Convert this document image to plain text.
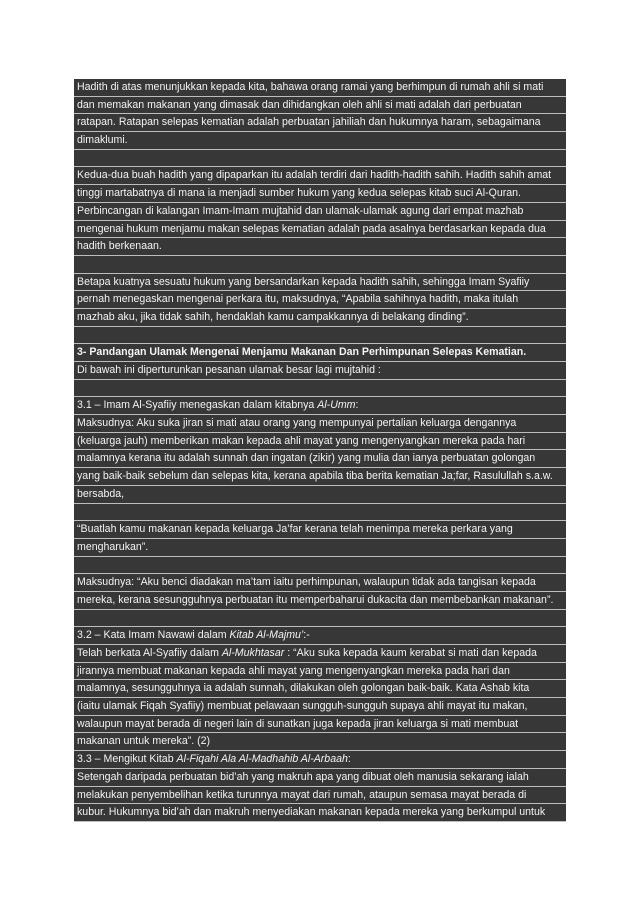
Hadith di atas menunjukkan kepada kita, bahawa orang ramai yang berhimpun di rumah ahli si mati
dan memakan makanan yang dimasak dan dihidangkan oleh ahli si mati adalah dari perbuatan
ratapan. Ratapan selepas kematian adalah perbuatan jahiliah dan hukumnya haram, sebagaimana
dimaklumi.
Kedua-dua buah hadith yang dipaparkan itu adalah terdiri dari hadith-hadith sahih. Hadith sahih amat
tinggi martabatnya di mana ia menjadi sumber hukum yang kedua selepas kitab suci Al-Quran.
Perbincangan di kalangan Imam-Imam mujtahid dan ulamak-ulamak agung dari empat mazhab
mengenai hukum menjamu makan selepas kematian adalah pada asalnya berdasarkan kepada dua
hadith berkenaan.
Betapa kuatnya sesuatu hukum yang bersandarkan kepada hadith sahih, sehingga Imam Syafiiy
pernah menegaskan mengenai perkara itu, maksudnya, “Apabila sahihnya hadith, maka itulah
mazhab aku, jika tidak sahih, hendaklah kamu campakkannya di belakang dinding”.
3- Pandangan Ulamak Mengenai Menjamu Makanan Dan Perhimpunan Selepas Kematian.
Di bawah ini diperturunkan pesanan ulamak besar lagi mujtahid :
3.1 – Imam Al-Syafiiy menegaskan dalam kitabnya Al-Umm:
Maksudnya: Aku suka jiran si mati atau orang yang mempunyai pertalian keluarga dengannya
(keluarga jauh) memberikan makan kepada ahli mayat yang mengenyangkan mereka pada hari
malamnya kerana itu adalah sunnah dan ingatan (zikir) yang mulia dan ianya perbuatan golongan
yang baik-baik sebelum dan selepas kita, kerana apabila tiba berita kematian Ja;far, Rasulullah s.a.w.
bersabda,
“Buatlah kamu makanan kepada keluarga Ja’far kerana telah menimpa mereka perkara yang
mengharukan”.
Maksudnya: “Aku benci diadakan ma’tam iaitu perhimpunan, walaupun tidak ada tangisan kepada
mereka, kerana sesungguhnya perbuatan itu memperbaharui dukacita dan membebankan makanan”.
3.2 – Kata Imam Nawawi dalam Kitab Al-Majmu’:-
Telah berkata Al-Syafiiy dalam Al-Mukhtasar : “Aku suka kepada kaum kerabat si mati dan kepada
jirannya membuat makanan kepada ahli mayat yang mengenyangkan mereka pada hari dan
malamnya, sesungguhnya ia adalah sunnah, dilakukan oleh golongan baik-baik. Kata Ashab kita
(iaitu ulamak Fiqah Syafiiy) membuat pelawaan sungguh-sungguh supaya ahli mayat itu makan,
walaupun mayat berada di negeri lain di sunatkan juga kepada jiran keluarga si mati membuat
makanan untuk mereka”. (2)
3.3 – Mengikut Kitab Al-Fiqahi Ala Al-Madhahib Al-Arbaah:
Setengah daripada perbuatan bid’ah yang makruh apa yang dibuat oleh manusia sekarang ialah
melakukan penyembelihan ketika turunnya mayat dari rumah, ataupun semasa mayat berada di
kubur. Hukumnya bid’ah dan makruh menyediakan makanan kepada mereka yang berkumpul untuk
